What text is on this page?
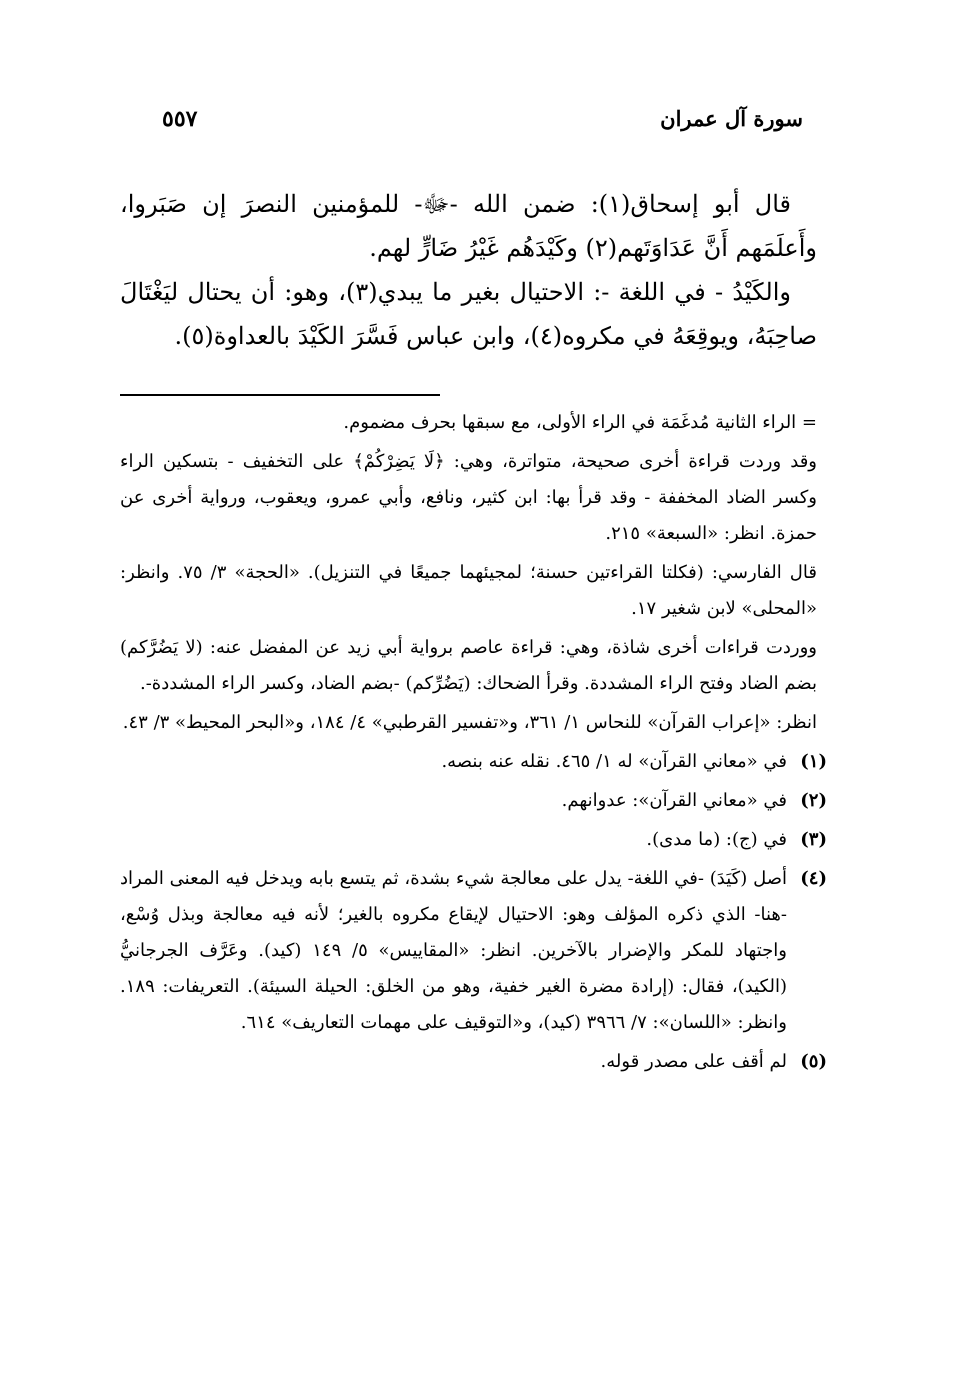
سورة آل عمران
٥٥٧

قال أبو إسحاق(١): ضمن الله -ﷻ- للمؤمنين النصرَ إن صَبَروا، وأَعلَمَهم أَنَّ عَدَاوَتَهم(٢) وكَيْدَهُم غَيْرُ ضَارٍّ لهم.

والكَيْدُ - في اللغة -: الاحتيال بغير ما يبدي(٣)، وهو: أن يحتال ليَغْتَالَ صاحِبَهُ، ويوقِعَهُ في مكروه(٤)، وابن عباس فَسَّرَ الكَيْدَ بالعداوة(٥).

= الراء الثانية مُدغَمَة في الراء الأولى، مع سبقها بحرف مضموم.

وقد وردت قراءة أخرى صحيحة، متواترة، وهي: ﴿لَا يَضِرْكُمْ﴾ على التخفيف - بتسكين الراء وكسر الضاد المخففة - وقد قرأ بها: ابن كثير، ونافع، وأبي عمرو، ويعقوب، ورواية أخرى عن حمزة. انظر: «السبعة» ٢١٥.

قال الفارسي: (فكلتا القراءتين حسنة؛ لمجيئهما جميعًا في التنزيل). «الحجة» ٣/ ٧٥. وانظر: «المحلى» لابن شغير ١٧.

ووردت قراءات أخرى شاذة، وهي: قراءة عاصم برواية أبي زيد عن المفضل عنه: (لا يَضُرَّكم) بضم الضاد وفتح الراء المشددة. وقرأ الضحاك: (يَضُرِّكم) -بضم الضاد، وكسر الراء المشددة-.

انظر: «إعراب القرآن» للنحاس ١/ ٣٦١، و«تفسير القرطبي» ٤/ ١٨٤، و«البحر المحيط» ٣/ ٤٣.

(١)
في «معاني القرآن» له ١/ ٤٦٥. نقله عنه بنصه.

(٢)
في «معاني القرآن»: عدوانهم.

(٣)
في (ج): (ما مدى).

(٤)
أصل (كَيَدَ) -في اللغة- يدل على معالجة شيء بشدة، ثم يتسع بابه ويدخل فيه المعنى المراد -هنا- الذي ذكره المؤلف وهو: الاحتيال لإيقاع مكروه بالغير؛ لأنه فيه معالجة وبذل وُسْع، واجتهاد للمكر والإضرار بالآخرين. انظر: «المقاييس» ٥/ ١٤٩ (كيد). وعَرَّف الجرجانيُّ (الكيد)، فقال: (إرادة مضرة الغير خفية، وهو من الخلق: الحيلة السيئة). التعريفات: ١٨٩. وانظر: «اللسان»: ٧/ ٣٩٦٦ (كيد)، و«التوقيف على مهمات التعاريف» ٦١٤.

(٥)
لم أقف على مصدر قوله.
